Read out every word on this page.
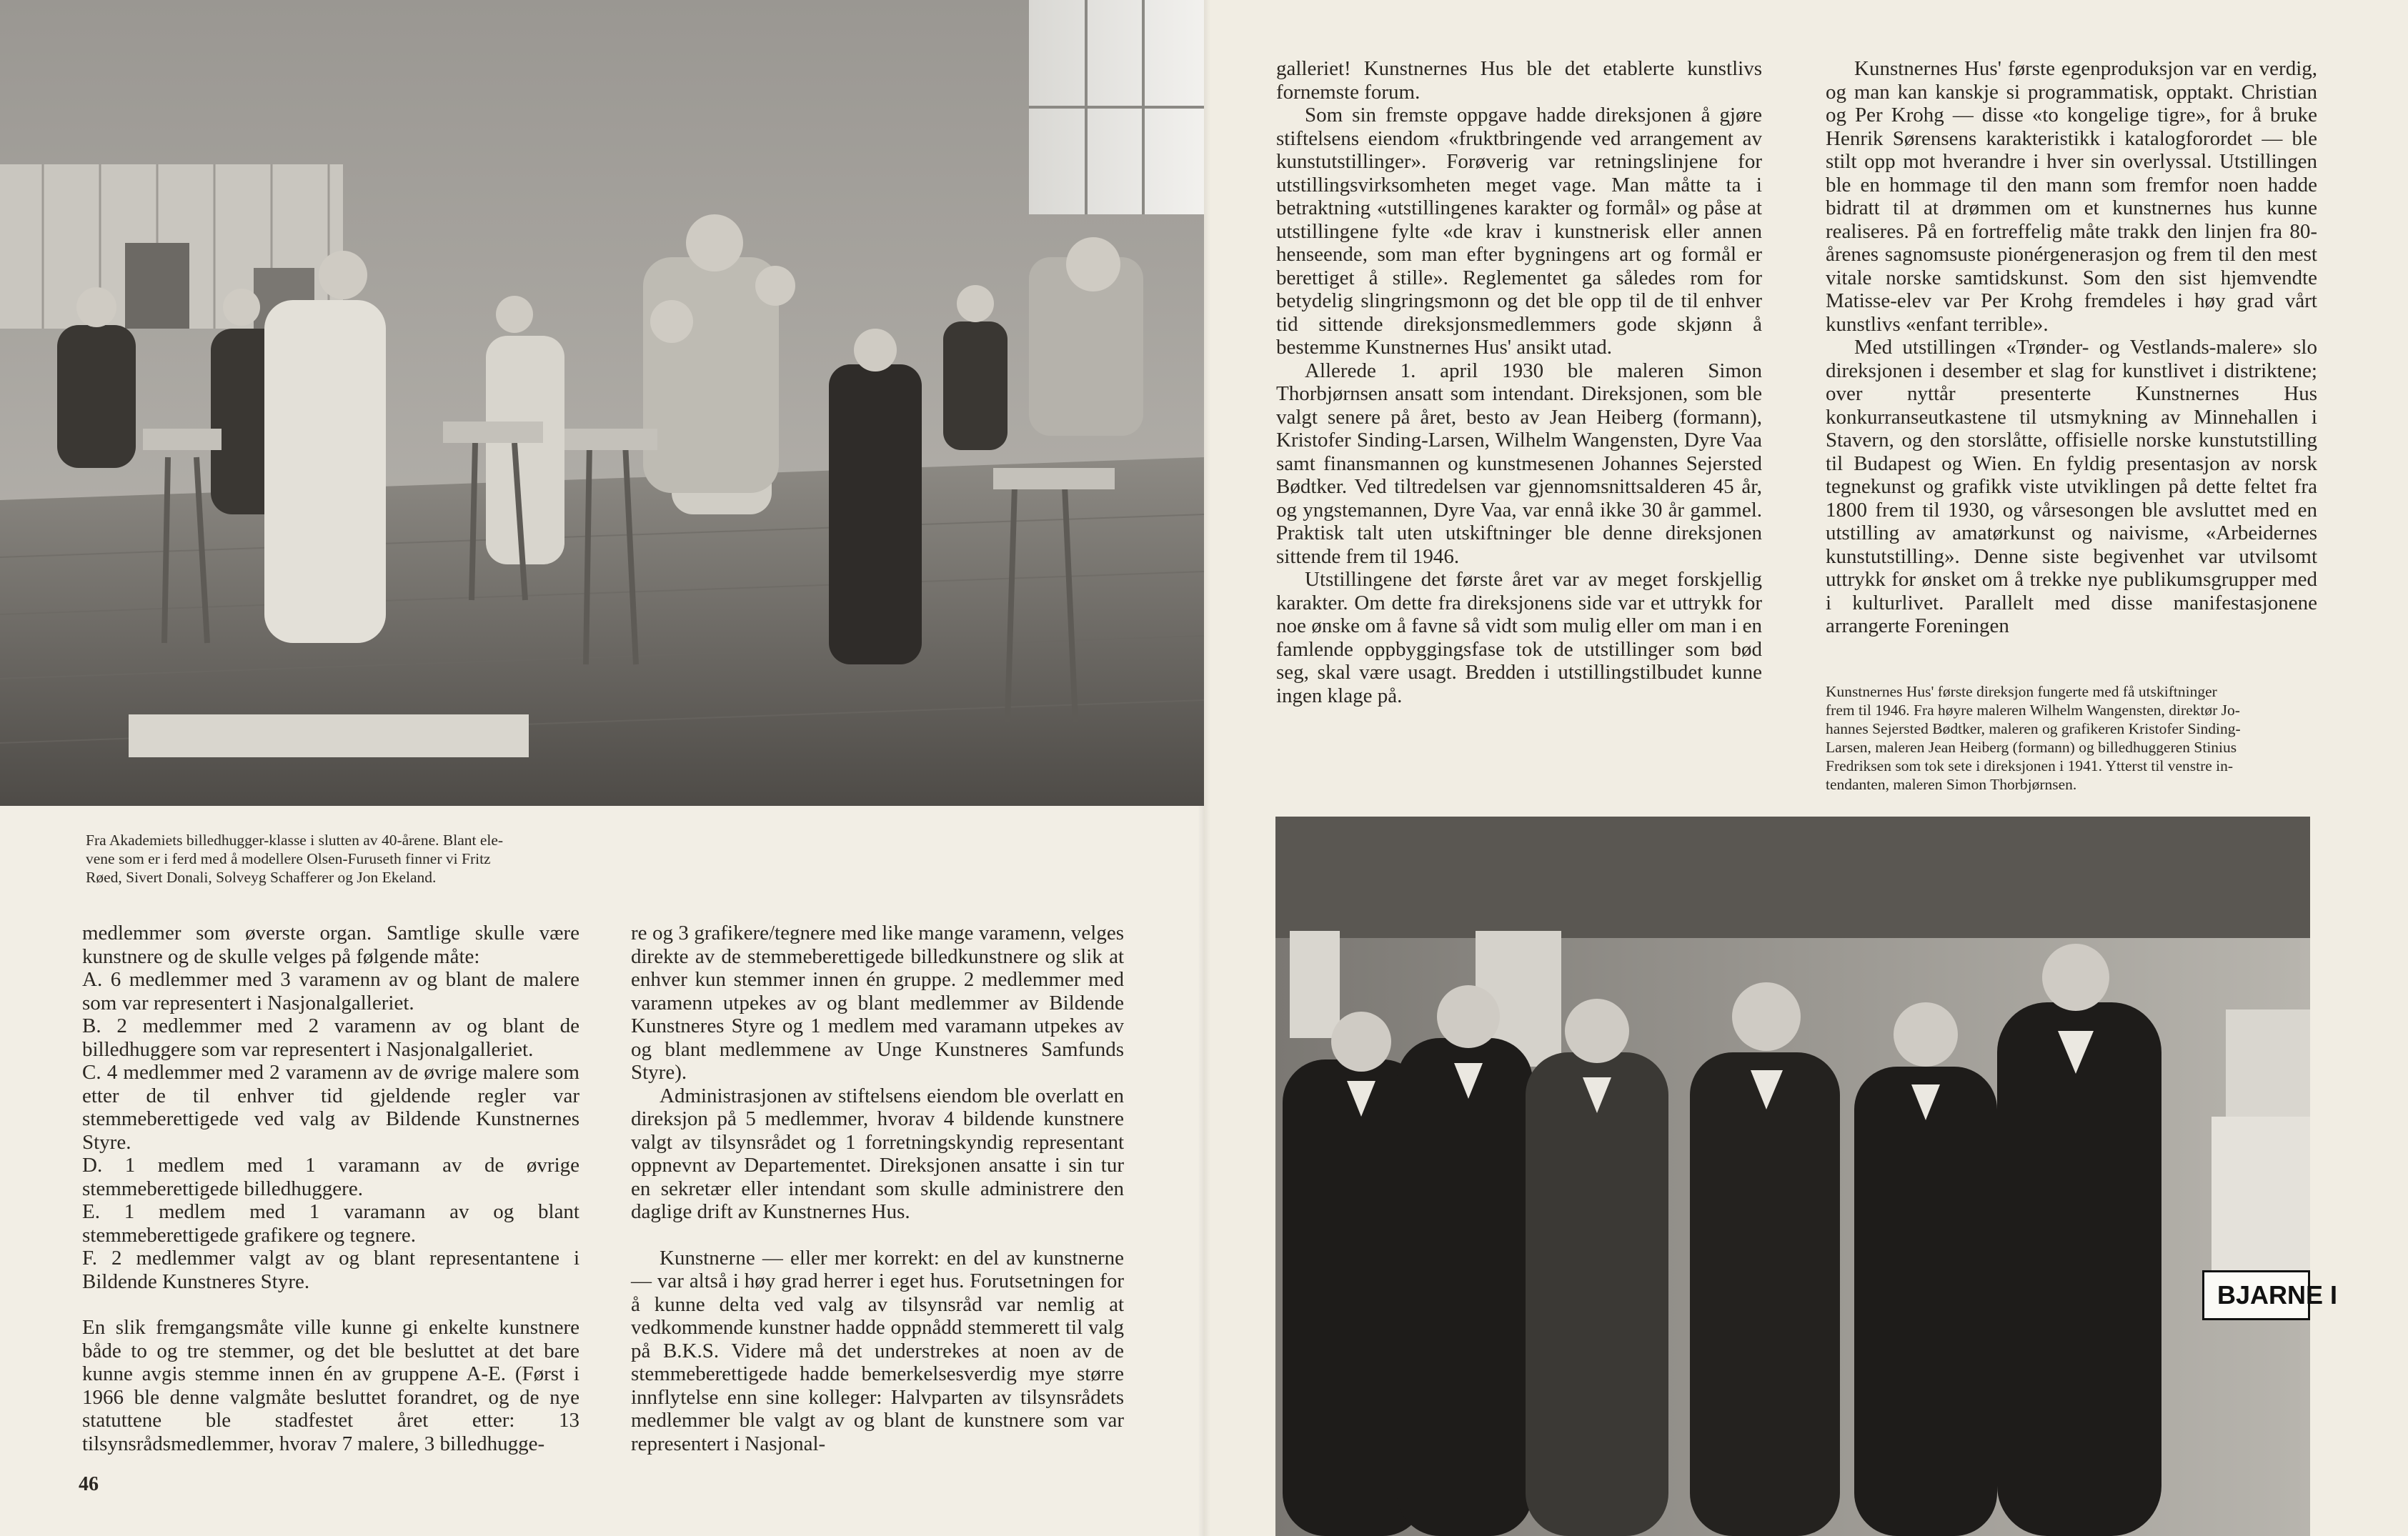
Fra Akademiets billedhugger-klasse i slutten av 40-årene. Blant ele-
vene som er i ferd med å modellere Olsen-Furuseth finner vi Fritz
Røed, Sivert Donali, Solveyg Schafferer og Jon Ekeland.

medlemmer som øverste organ. Samtlige skulle være kunstnere og de skulle velges på følgende måte:

A. 6 medlemmer med 3 varamenn av og blant de malere som var representert i Nasjonalgalleriet.

B. 2 medlemmer med 2 varamenn av og blant de billedhuggere som var representert i Nasjonalgalleriet.

C. 4 medlemmer med 2 varamenn av de øvrige malere som etter de til enhver tid gjeldende regler var stemmeberettigede ved valg av Bildende Kunstnernes Styre.

D. 1 medlem med 1 varamann av de øvrige stemmeberettigede billedhuggere.

E. 1 medlem med 1 varamann av og blant stemmeberettigede grafikere og tegnere.

F. 2 medlemmer valgt av og blant representantene i Bildende Kunstneres Styre.

En slik fremgangsmåte ville kunne gi enkelte kunstnere både to og tre stemmer, og det ble besluttet at det bare kunne avgis stemme innen én av gruppene A-E. (Først i 1966 ble denne valgmåte besluttet forandret, og de nye statuttene ble stadfestet året etter: 13 tilsynsrådsmedlemmer, hvorav 7 malere, 3 billedhugge-

re og 3 grafikere/tegnere med like mange varamenn, velges direkte av de stemmeberettigede billedkunstnere og slik at enhver kun stemmer innen én gruppe. 2 medlemmer med varamenn utpekes av og blant medlemmer av Bildende Kunstneres Styre og 1 medlem med varamann utpekes av og blant medlemmene av Unge Kunstneres Samfunds Styre).

Administrasjonen av stiftelsens eiendom ble overlatt en direksjon på 5 medlemmer, hvorav 4 bildende kunstnere valgt av tilsynsrådet og 1 forretningskyndig representant oppnevnt av Departementet. Direksjonen ansatte i sin tur en sekretær eller intendant som skulle administrere den daglige drift av Kunstnernes Hus.

Kunstnerne — eller mer korrekt: en del av kunstnerne — var altså i høy grad herrer i eget hus. Forutsetningen for å kunne delta ved valg av tilsynsråd var nemlig at vedkommende kunstner hadde oppnådd stemmerett til valg på B.K.S. Videre må det understrekes at noen av de stemmeberettigede hadde bemerkelsesverdig mye større innflytelse enn sine kolleger: Halvparten av tilsynsrådets medlemmer ble valgt av og blant de kunstnere som var representert i Nasjonal-

46

galleriet! Kunstnernes Hus ble det etablerte kunstlivs fornemste forum.

Som sin fremste oppgave hadde direksjonen å gjøre stiftelsens eiendom «fruktbringende ved arrangement av kunstutstillinger». Forøverig var retningslinjene for utstillingsvirksomheten meget vage. Man måtte ta i betraktning «utstillingenes karakter og formål» og påse at utstillingene fylte «de krav i kunstnerisk eller annen henseende, som man efter bygningens art og formål er berettiget å stille». Reglementet ga således rom for betydelig slingringsmonn og det ble opp til de til enhver tid sittende direksjonsmedlemmers gode skjønn å bestemme Kunstnernes Hus' ansikt utad.

Allerede 1. april 1930 ble maleren Simon Thorbjørnsen ansatt som intendant. Direksjonen, som ble valgt senere på året, besto av Jean Heiberg (formann), Kristofer Sinding-Larsen, Wilhelm Wangensten, Dyre Vaa samt finansmannen og kunstmesenen Johannes Sejersted Bødtker. Ved tiltredelsen var gjennomsnittsalderen 45 år, og yngstemannen, Dyre Vaa, var ennå ikke 30 år gammel. Praktisk talt uten utskiftninger ble denne direksjonen sittende frem til 1946.

Utstillingene det første året var av meget forskjellig karakter. Om dette fra direksjonens side var et uttrykk for noe ønske om å favne så vidt som mulig eller om man i en famlende oppbyggingsfase tok de utstillinger som bød seg, skal være usagt. Bredden i utstillingstilbudet kunne ingen klage på.

Kunstnernes Hus' første egenproduksjon var en verdig, og man kan kanskje si programmatisk, opptakt. Christian og Per Krohg — disse «to kongelige tigre», for å bruke Henrik Sørensens karakteristikk i katalogforordet — ble stilt opp mot hverandre i hver sin overlyssal. Utstillingen ble en hommage til den mann som fremfor noen hadde bidratt til at drømmen om et kunstnernes hus kunne realiseres. På en fortreffelig måte trakk den linjen fra 80-årenes sagnomsuste pionérgenerasjon og frem til den mest vitale norske samtidskunst. Som den sist hjemvendte Matisse-elev var Per Krohg fremdeles i høy grad vårt kunstlivs «enfant terrible».

Med utstillingen «Trønder- og Vestlands-malere» slo direksjonen i desember et slag for kunstlivet i distriktene; over nyttår presenterte Kunstnernes Hus konkurranseutkastene til utsmykning av Minnehallen i Stavern, og den storslåtte, offisielle norske kunstutstilling til Budapest og Wien. En fyldig presentasjon av norsk tegnekunst og grafikk viste utviklingen på dette feltet fra 1800 frem til 1930, og vårsesongen ble avsluttet med en utstilling av amatørkunst og naivisme, «Arbeidernes kunstutstilling». Denne siste begivenhet var utvilsomt uttrykk for ønsket om å trekke nye publikumsgrupper med i kulturlivet. Parallelt med disse manifestasjonene arrangerte Foreningen

Kunstnernes Hus' første direksjon fungerte med få utskiftninger
frem til 1946. Fra høyre maleren Wilhelm Wangensten, direktør Jo-
hannes Sejersted Bødtker, maleren og grafikeren Kristofer Sinding-
Larsen, maleren Jean Heiberg (formann) og billedhuggeren Stinius
Fredriksen som tok sete i direksjonen i 1941. Ytterst til venstre in-
tendanten, maleren Simon Thorbjørnsen.
BJARNE I
